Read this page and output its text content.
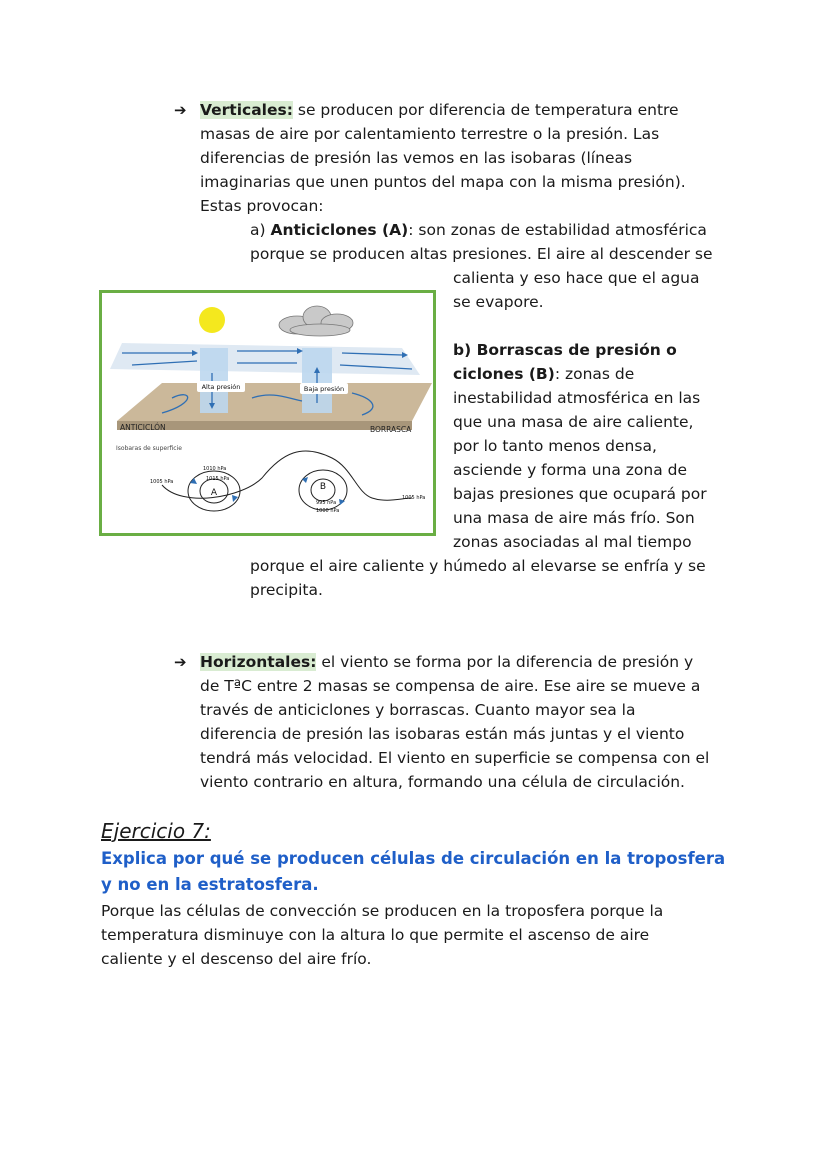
➔ Verticales: se producen por diferencia de temperatura entre
masas de aire por calentamiento terrestre o la presión. Las
diferencias de presión las vemos en las isobaras (líneas
imaginarias que unen puntos del mapa con la misma presión).
Estas provocan:
a) Anticiclones (A): son zonas de estabilidad atmosférica
porque se producen altas presiones. El aire al descender se
calienta y eso hace que el agua
se evapore.
b) Borrascas de presión o
ciclones (B): zonas de
inestabilidad atmosférica en las
que una masa de aire caliente,
por lo tanto menos densa,
asciende y forma una zona de
bajas presiones que ocupará por
una masa de aire más frío. Son
zonas asociadas al mal tiempo
porque el aire caliente y húmedo al elevarse se enfría y se
precipita.
Alta presión	Baja presión
ANTICICLÓN	BORRASCA
Isobaras de superficie
1005 hPa
1010 hPa
1015 hPa
A
B
995 hPa
1000 hPa
1005 hPa
➔ Horizontales: el viento se forma por la diferencia de presión y
de TªC entre 2 masas se compensa de aire. Ese aire se mueve a
través de anticiclones y borrascas. Cuanto mayor sea la
diferencia de presión las isobaras están más juntas y el viento
tendrá más velocidad. El viento en superficie se compensa con el
viento contrario en altura, formando una célula de circulación.
Ejercicio 7:
Explica por qué se producen células de circulación en la troposfera
y no en la estratosfera.
Porque las células de convección se producen en la troposfera porque la
temperatura disminuye con la altura lo que permite el ascenso de aire
caliente y el descenso del aire frío.
